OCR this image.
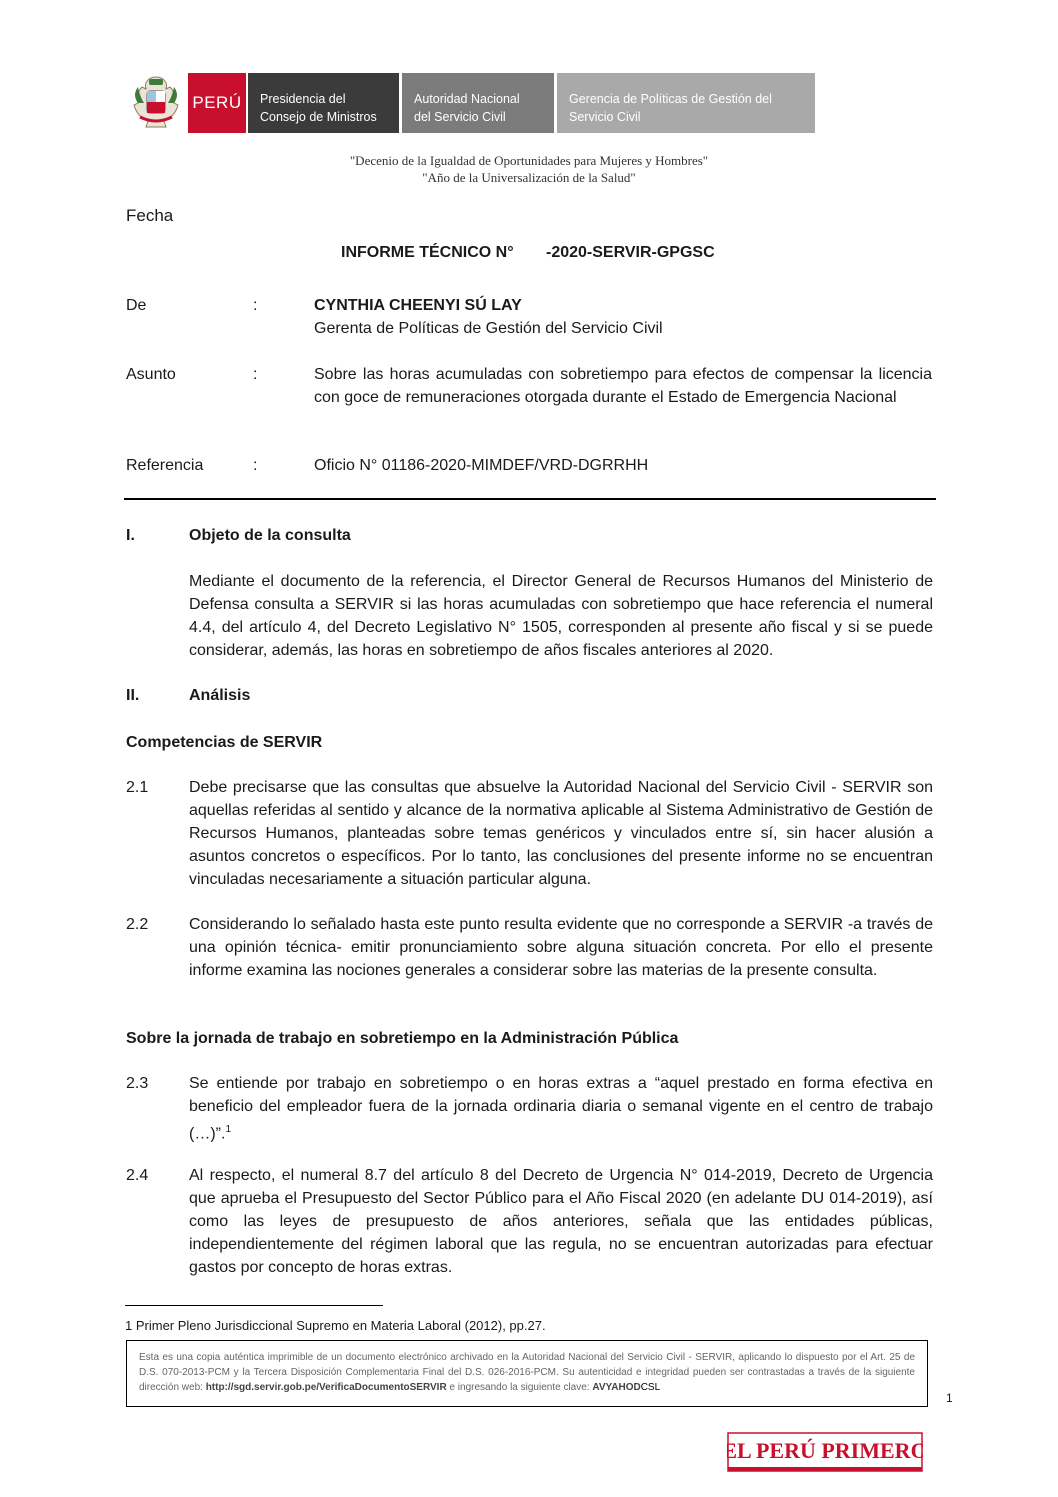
PERÚ	Presidencia del
Consejo de Ministros
Autoridad Nacional
del Servicio Civil
Gerencia de Políticas de Gestión del
Servicio Civil
"Decenio de la Igualdad de Oportunidades para Mujeres y Hombres"
"Año de la Universalización de la Salud"
Fecha
INFORME TÉCNICO N° -2020-SERVIR-GPGSC
De	:	CYNTHIA CHEENYI SÚ LAY
Gerenta de Políticas de Gestión del Servicio Civil
Asunto	:	Sobre las horas acumuladas con sobretiempo para efectos de compensar la licencia con goce de remuneraciones otorgada durante el Estado de Emergencia Nacional
Referencia	:	Oficio N° 01186-2020-MIMDEF/VRD-DGRRHH
I.	Objeto de la consulta
Mediante el documento de la referencia, el Director General de Recursos Humanos del Ministerio de Defensa consulta a SERVIR si las horas acumuladas con sobretiempo que hace referencia el numeral 4.4, del artículo 4, del Decreto Legislativo N° 1505, corresponden al presente año fiscal y si se puede considerar, además, las horas en sobretiempo de años fiscales anteriores al 2020.
II.	Análisis
Competencias de SERVIR
2.1	Debe precisarse que las consultas que absuelve la Autoridad Nacional del Servicio Civil - SERVIR son aquellas referidas al sentido y alcance de la normativa aplicable al Sistema Administrativo de Gestión de Recursos Humanos, planteadas sobre temas genéricos y vinculados entre sí, sin hacer alusión a asuntos concretos o específicos. Por lo tanto, las conclusiones del presente informe no se encuentran vinculadas necesariamente a situación particular alguna.
2.2	Considerando lo señalado hasta este punto resulta evidente que no corresponde a SERVIR -a través de una opinión técnica- emitir pronunciamiento sobre alguna situación concreta. Por ello el presente informe examina las nociones generales a considerar sobre las materias de la presente consulta.
Sobre la jornada de trabajo en sobretiempo en la Administración Pública
2.3	Se entiende por trabajo en sobretiempo o en horas extras a “aquel prestado en forma efectiva en beneficio del empleador fuera de la jornada ordinaria diaria o semanal vigente en el centro de trabajo (…)”.$^1$
2.4	Al respecto, el numeral 8.7 del artículo 8 del Decreto de Urgencia N° 014-2019, Decreto de Urgencia que aprueba el Presupuesto del Sector Público para el Año Fiscal 2020 (en adelante DU 014-2019), así como las leyes de presupuesto de años anteriores, señala que las entidades públicas, independientemente del régimen laboral que las regula, no se encuentran autorizadas para efectuar gastos por concepto de horas extras.
1 Primer Pleno Jurisdiccional Supremo en Materia Laboral (2012), pp.27.
Esta es una copia auténtica imprimible de un documento electrónico archivado en la Autoridad Nacional del Servicio Civil - SERVIR, aplicando lo dispuesto por el Art. 25 de D.S. 070-2013-PCM y la Tercera Disposición Complementaria Final del D.S. 026-2016-PCM. Su autenticidad e integridad pueden ser contrastadas a través de la siguiente dirección web: http://sgd.servir.gob.pe/VerificaDocumentoSERVIR e ingresando la siguiente clave: AVYAHODCSL
1
EL PERÚ PRIMERO
